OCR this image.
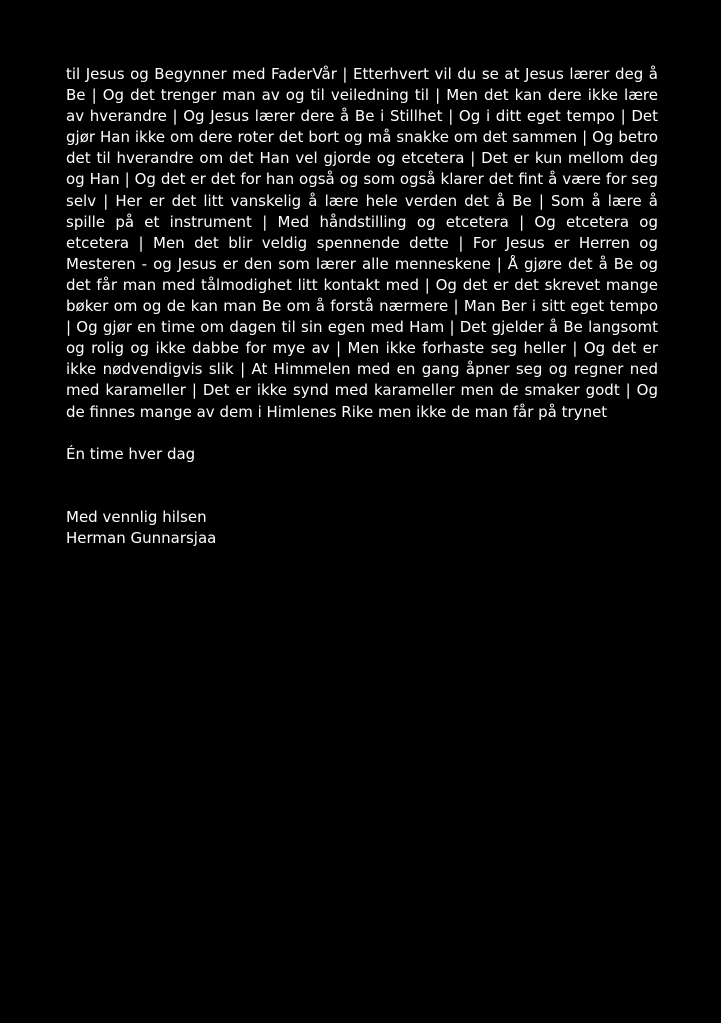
til Jesus og Begynner med FaderVår | Etterhvert vil du se at Jesus lærer deg å Be | Og det trenger man av og til veiledning til | Men det kan dere ikke lære av hverandre | Og Jesus lærer dere å Be i Stillhet | Og i ditt eget tempo | Det gjør Han ikke om dere roter det bort og må snakke om det sammen | Og betro det til hverandre om det Han vel gjorde og etcetera | Det er kun mellom deg og Han | Og det er det for han også og som også klarer det fint å være for seg selv | Her er det litt vanskelig å lære hele verden det å Be | Som å lære å spille på et instrument | Med håndstilling og etcetera | Og etcetera og etcetera | Men det blir veldig spennende dette | For Jesus er Herren og Mesteren - og Jesus er den som lærer alle menneskene | Å gjøre det å Be og det får man med tålmodighet litt kontakt med | Og det er det skrevet mange bøker om og de kan man Be om å forstå nærmere | Man Ber i sitt eget tempo | Og gjør en time om dagen til sin egen med Ham | Det gjelder å Be langsomt og rolig og ikke dabbe for mye av | Men ikke forhaste seg heller | Og det er ikke nødvendigvis slik | At Himmelen med en gang åpner seg og regner ned med karameller | Det er ikke synd med karameller men de smaker godt | Og de finnes mange av dem i Himlenes Rike men ikke de man får på trynet

Én time hver dag

Med vennlig hilsen

Herman Gunnarsjaa
